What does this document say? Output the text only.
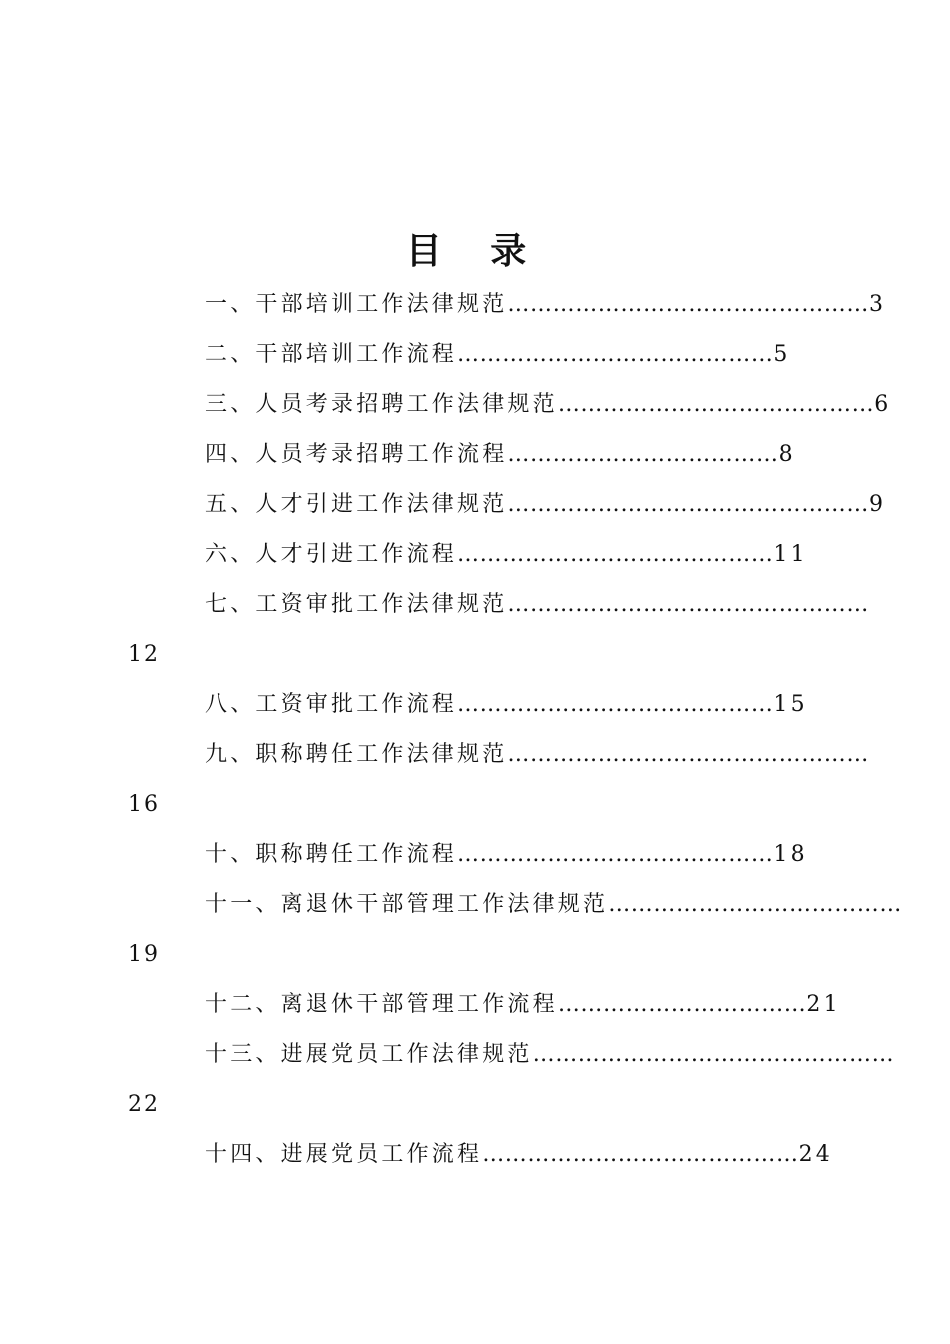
目 录
一、干部培训工作法律规范…………………………………………3
二、干部培训工作流程……………………………………5
三、人员考录招聘工作法律规范……………………………………6
四、人员考录招聘工作流程………………………………8
五、人才引进工作法律规范…………………………………………9
六、人才引进工作流程……………………………………11
七、工资审批工作法律规范…………………………………………
12
八、工资审批工作流程……………………………………15
九、职称聘任工作法律规范…………………………………………
16
十、职称聘任工作流程……………………………………18
十一、离退休干部管理工作法律规范…………………………………
19
十二、离退休干部管理工作流程……………………………21
十三、进展党员工作法律规范…………………………………………
22
十四、进展党员工作流程……………………………………24
